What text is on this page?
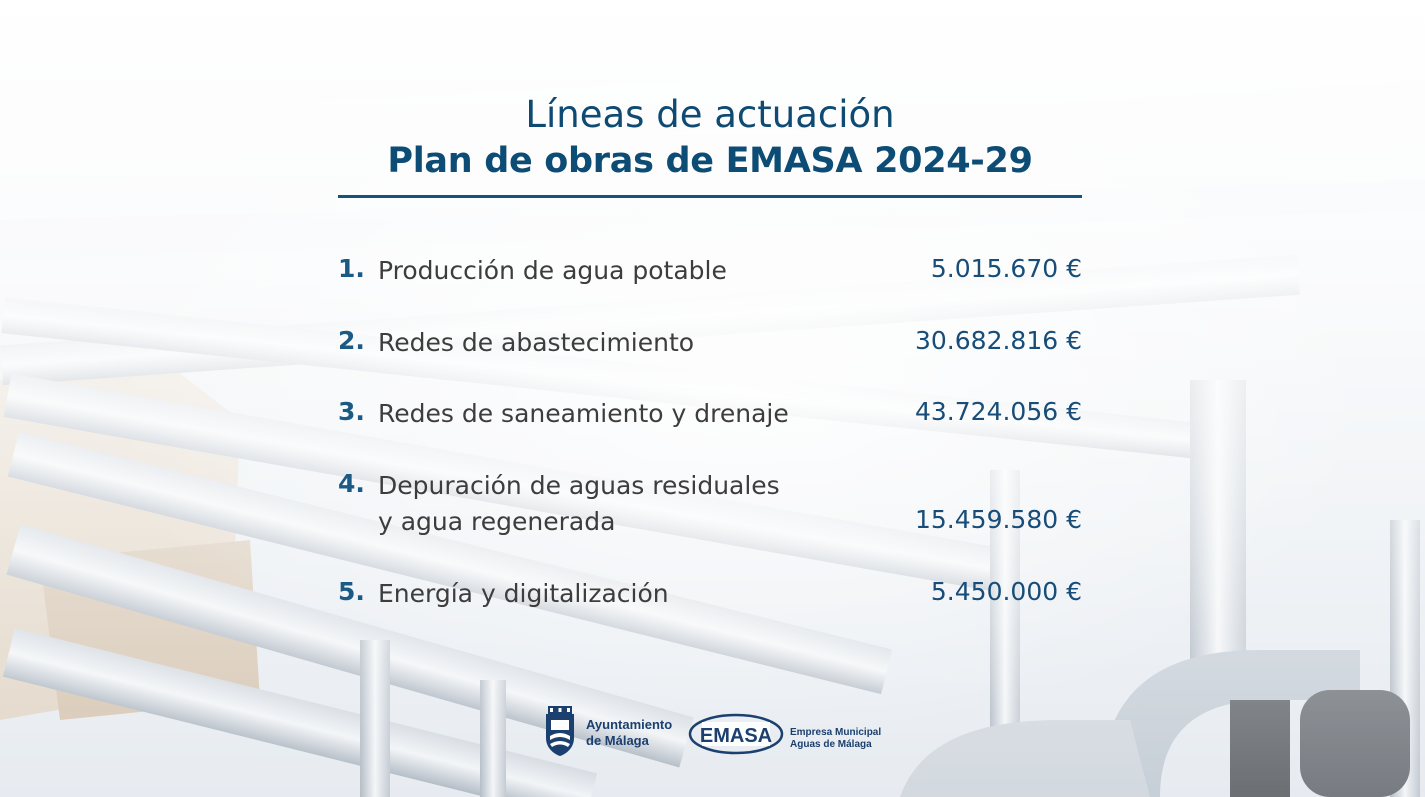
Líneas de actuación
Plan de obras de EMASA 2024-29
1. Producción de agua potable	5.015.670 €
2. Redes de abastecimiento	30.682.816 €
3. Redes de saneamiento y drenaje	43.724.056 €
4. Depuración de aguas residuales
y agua regenerada	15.459.580 €
5. Energía y digitalización	5.450.000 €
Ayuntamiento
de Málaga	EMASA Empresa Municipal
Aguas de Málaga
